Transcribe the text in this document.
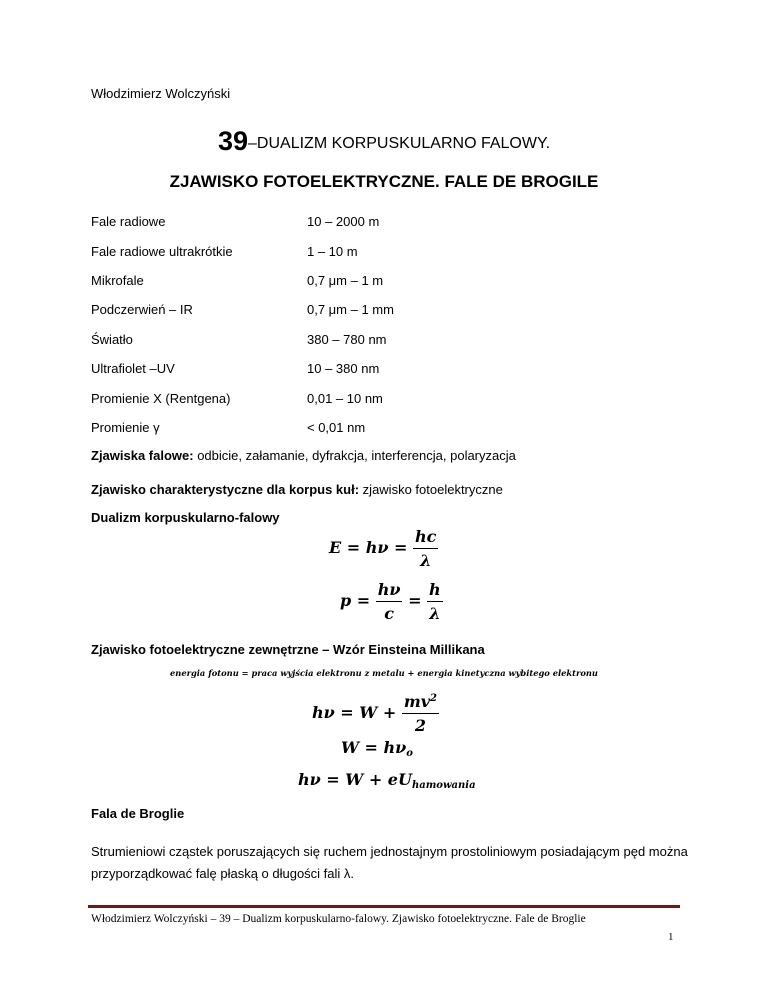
Włodzimierz Wolczyński
39–DUALIZM KORPUSKULARNO FALOWY.
ZJAWISKO FOTOELEKTRYCZNE. FALE DE BROGILE
Fale radiowe	10 – 2000 m
Fale radiowe ultrakrótkie	1 – 10 m
Mikrofale	0,7 μm – 1 m
Podczerwień – IR	0,7 μm – 1 mm
Światło	380 – 780 nm
Ultrafiolet –UV	10 – 380 nm
Promienie X (Rentgena)	0,01 – 10 nm
Promienie γ	< 0,01 nm
Zjawiska falowe: odbicie, załamanie, dyfrakcja, interferencja, polaryzacja
Zjawisko charakterystyczne dla korpus kuł: zjawisko fotoelektryczne
Dualizm korpuskularno-falowy
$E = h\nu = \frac{hc}{\lambda}$
$p = \frac{h\nu}{c} = \frac{h}{\lambda}$
Zjawisko fotoelektryczne zewnętrzne – Wzór Einsteina Millikana
energia fotonu = praca wyjścia elektronu z metalu + energia kinetyczna wybitego elektronu
$h\nu = W + \frac{mv^2}{2}$
$W = h\nu_o$
$h\nu = W + eU_{hamowania}$
Fala de Broglie
Strumieniowi cząstek poruszających się ruchem jednostajnym prostoliniowym posiadającym pęd można przyporządkować falę płaską o długości fali λ.
Włodzimierz Wolczyński – 39 – Dualizm korpuskularno-falowy. Zjawisko fotoelektryczne. Fale de Broglie
1
